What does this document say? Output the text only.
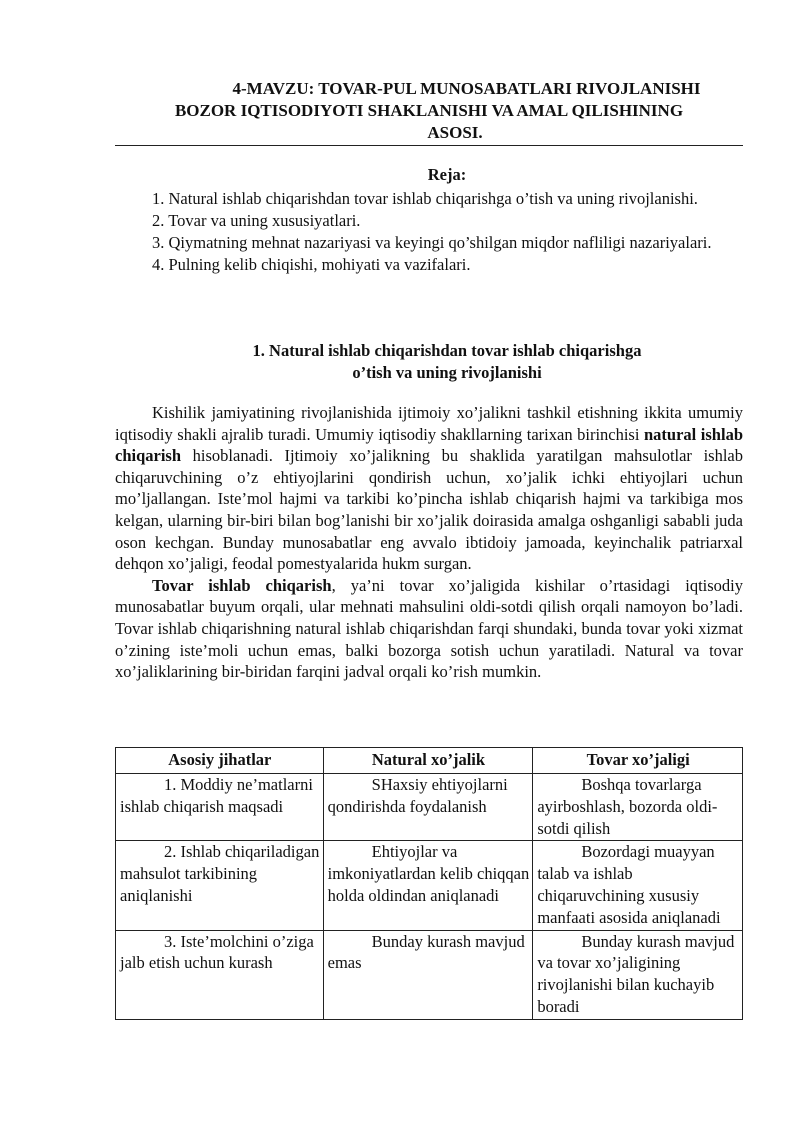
4-MAVZU: TOVAR-PUL MUNOSABATLARI RIVOJLANISHI
BOZOR IQTISODIYOTI SHAKLANISHI VA AMAL QILISHINING
ASOSI.
Reja:
1. Natural ishlab chiqarishdan tovar ishlab chiqarishga o’tish va uning rivojlanishi.
2. Tovar va uning xususiyatlari.
3. Qiymatning mehnat nazariyasi va keyingi qo’shilgan miqdor nafliligi nazariyalari.
4. Pulning kelib chiqishi, mohiyati va vazifalari.
1. Natural ishlab chiqarishdan tovar ishlab chiqarishga
o’tish va uning rivojlanishi

Kishilik jamiyatining rivojlanishida ijtimoiy xo’jalikni tashkil etishning ikkita umumiy iqtisodiy shakli ajralib turadi. Umumiy iqtisodiy shakllarning tarixan birinchisi natural ishlab chiqarish hisoblanadi. Ijtimoiy xo’jalikning bu shaklida yaratilgan mahsulotlar ishlab chiqaruvchining o’z ehtiyojlarini qondirish uchun, xo’jalik ichki ehtiyojlari uchun mo’ljallangan. Iste’mol hajmi va tarkibi ko’pincha ishlab chiqarish hajmi va tarkibiga mos kelgan, ularning bir-biri bilan bog’lanishi bir xo’jalik doirasida amalga oshganligi sababli juda oson kechgan. Bunday munosabatlar eng avvalo ibtidoiy jamoada, keyinchalik patriarxal dehqon xo’jaligi, feodal pomestyalarida hukm surgan.

Tovar ishlab chiqarish, ya’ni tovar xo’jaligida kishilar o’rtasidagi iqtisodiy munosabatlar buyum orqali, ular mehnati mahsulini oldi-sotdi qilish orqali namoyon bo’ladi. Tovar ishlab chiqarishning natural ishlab chiqarishdan farqi shundaki, bunda tovar yoki xizmat o’zining iste’moli uchun emas, balki bozorga sotish uchun yaratiladi. Natural va tovar xo’jaliklarining bir-biridan farqini jadval orqali ko’rish mumkin.

Asosiy jihatlar	Natural xo’jalik	Tovar xo’jaligi
1. Moddiy ne’matlarni ishlab chiqarish maqsadi	SHaxsiy ehtiyojlarni qondirishda foydalanish	Boshqa tovarlarga ayirboshlash, bozorda oldi-sotdi qilish
2. Ishlab chiqariladigan mahsulot tarkibining aniqlanishi	Ehtiyojlar va imkoniyatlardan kelib chiqqan holda oldindan aniqlanadi	Bozordagi muayyan talab va ishlab chiqaruvchining xususiy manfaati asosida aniqlanadi
3. Iste’molchini o’ziga jalb etish uchun kurash	Bunday kurash mavjud emas	Bunday kurash mavjud va tovar xo’jaligining rivojlanishi bilan kuchayib boradi
